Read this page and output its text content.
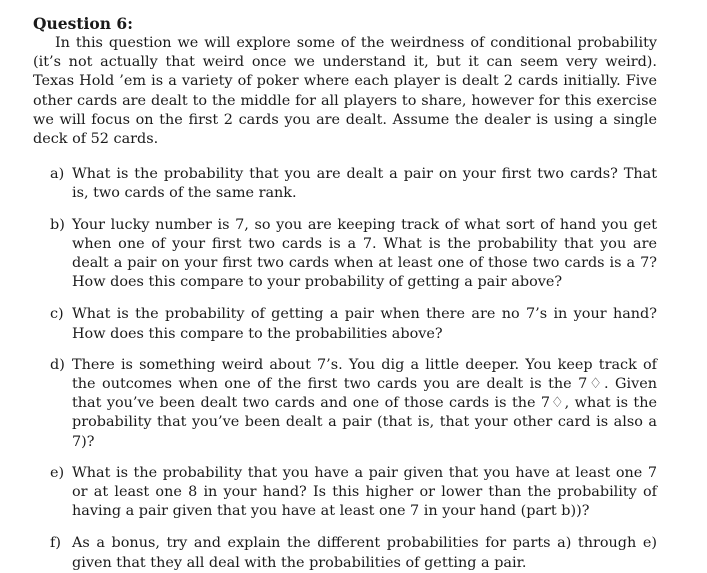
Question 6:

In this question we will explore some of the weirdness of conditional probability (it’s not actually that weird once we understand it, but it can seem very weird). Texas Hold ’em is a variety of poker where each player is dealt 2 cards initially. Five other cards are dealt to the middle for all players to share, however for this exercise we will focus on the first 2 cards you are dealt. Assume the dealer is using a single deck of 52 cards.

a) What is the probability that you are dealt a pair on your first two cards? That is, two cards of the same rank.
b) Your lucky number is 7, so you are keeping track of what sort of hand you get when one of your first two cards is a 7. What is the probability that you are dealt a pair on your first two cards when at least one of those two cards is a 7? How does this compare to your probability of getting a pair above?
c) What is the probability of getting a pair when there are no 7’s in your hand? How does this compare to the probabilities above?
d) There is something weird about 7’s. You dig a little deeper. You keep track of the outcomes when one of the first two cards you are dealt is the 7♢. Given that you’ve been dealt two cards and one of those cards is the 7♢, what is the probability that you’ve been dealt a pair (that is, that your other card is also a 7)?
e) What is the probability that you have a pair given that you have at least one 7 or at least one 8 in your hand? Is this higher or lower than the probability of having a pair given that you have at least one 7 in your hand (part b))?
f) As a bonus, try and explain the different probabilities for parts a) through e) given that they all deal with the probabilities of getting a pair.
